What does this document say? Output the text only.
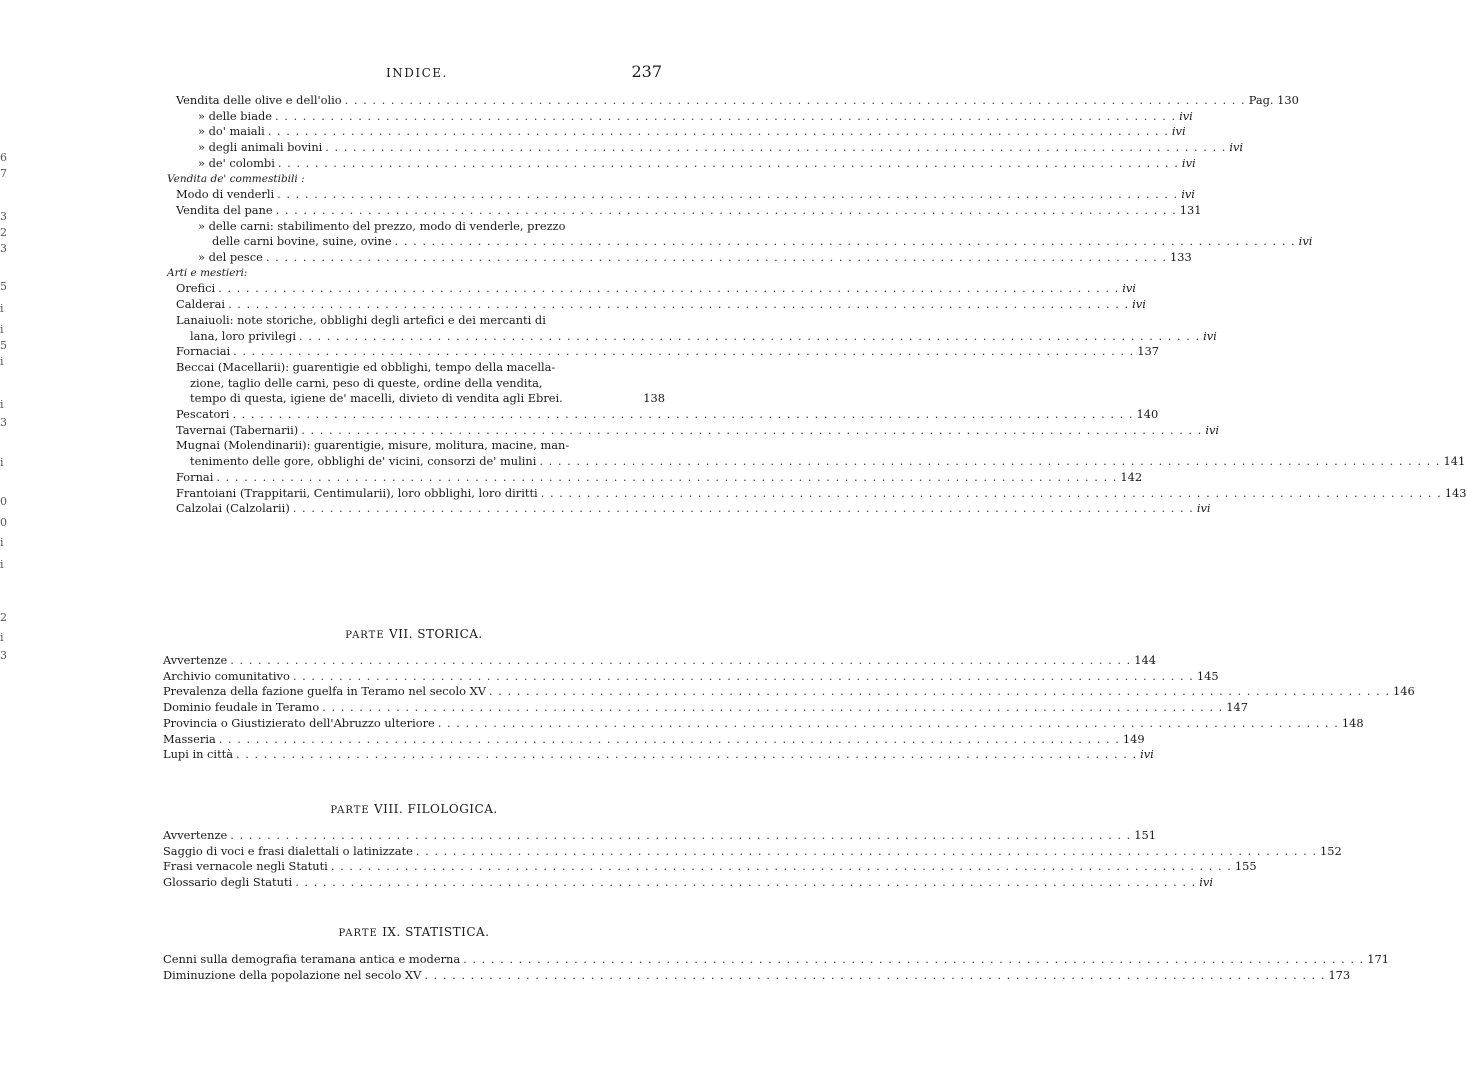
INDICE.	237
6
7
3
2
3
5
i
i
5
i
i
3
i
0
0
i
i
2
i
3
Vendita delle olive e dell'olio . . .	Pag. 130
» delle biade . . .	ivi
» do' maiali . . .	ivi
» degli animali bovini . . .	ivi
» de' colombi . . .	ivi
Vendita de' commestibili :
Modo di venderli . . .	ivi
Vendita del pane . . .	131
» delle carni: stabilimento del prezzo, modo di venderle, prezzo
delle carni bovine, suine, ovine . . .	ivi
» del pesce . . .	133
Arti e mestieri:
Orefici . . .	ivi
Calderai . . .	ivi
Lanaiuoli: note storiche, obblighi degli artefici e dei mercanti di
lana, loro privilegi . . .	ivi
Fornaciai . . .	137
Beccai (Macellarii): guarentigie ed obblighi, tempo della macella-
zione, taglio delle carni, peso di queste, ordine della vendita,
tempo di questa, igiene de' macelli, divieto di vendita agli Ebrei.	138
Pescatori . . .	140
Tavernai (Tabernarii) . . .	ivi
Mugnai (Molendinarii): guarentigie, misure, molitura, macine, man-
tenimento delle gore, obblighi de' vicini, consorzi de' mulini . . .	141
Fornai . . .	142
Frantoiani (Trappitarii, Centimularii), loro obblighi, loro diritti . . .	143
Calzolai (Calzolarii) . . .	ivi
PARTE VII. STORICA.
Avvertenze . . .	144
Archivio comunitativo . . .	145
Prevalenza della fazione guelfa in Teramo nel secolo XV . . .	146
Dominio feudale in Teramo . . .	147
Provincia o Giustizierato dell'Abruzzo ulteriore . . .	148
Masseria . . .	149
Lupi in città . . .	ivi
PARTE VIII. FILOLOGICA.
Avvertenze . . .	151
Saggio di voci e frasi dialettali o latinizzate . . .	152
Frasi vernacole negli Statuti . . .	155
Glossario degli Statuti . . .	ivi
PARTE IX. STATISTICA.
Cenni sulla demografia teramana antica e moderna . . .	171
Diminuzione della popolazione nel secolo XV . . .	173
